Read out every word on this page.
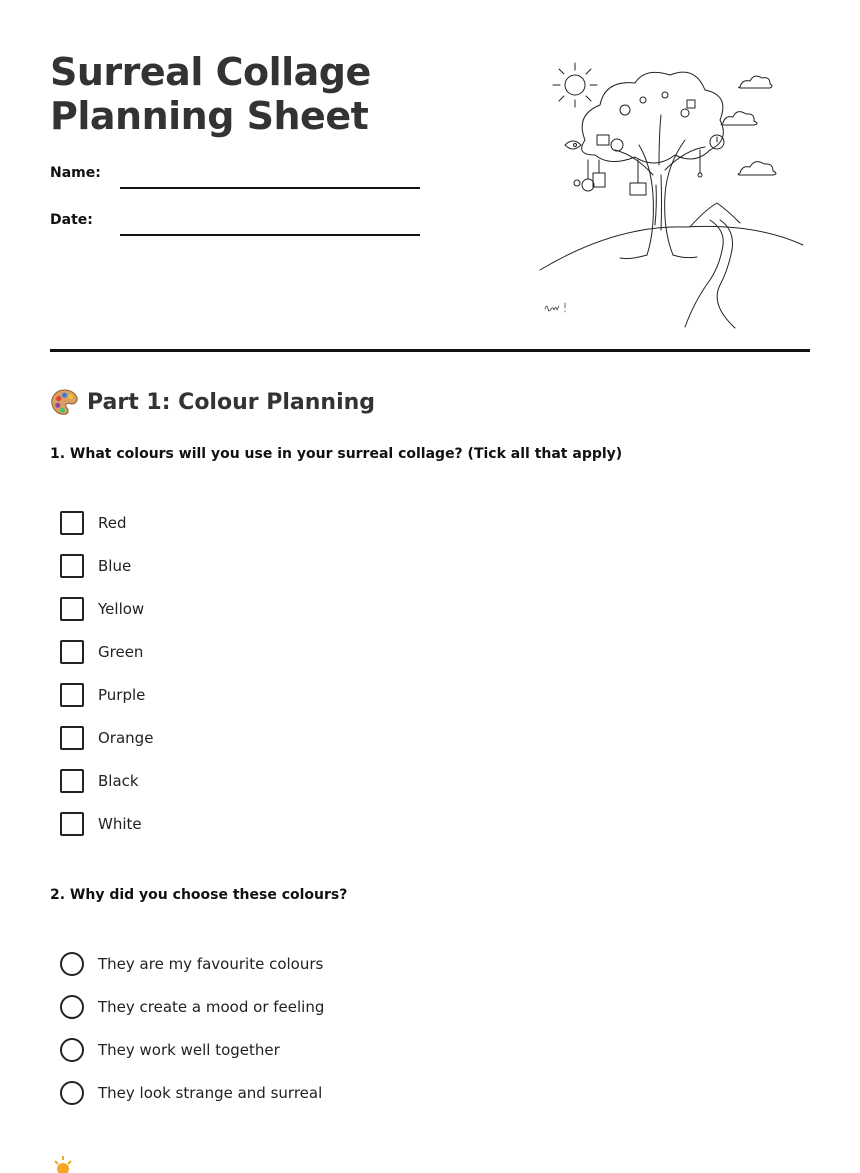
Surreal Collage
Planning Sheet
Name:
Date:
Part 1: Colour Planning

1. What colours will you use in your surreal collage? (Tick all that apply)

Red
Blue
Yellow
Green
Purple
Orange
Black
White

2. Why did you choose these colours?

They are my favourite colours
They create a mood or feeling
They work well together
They look strange and surreal
